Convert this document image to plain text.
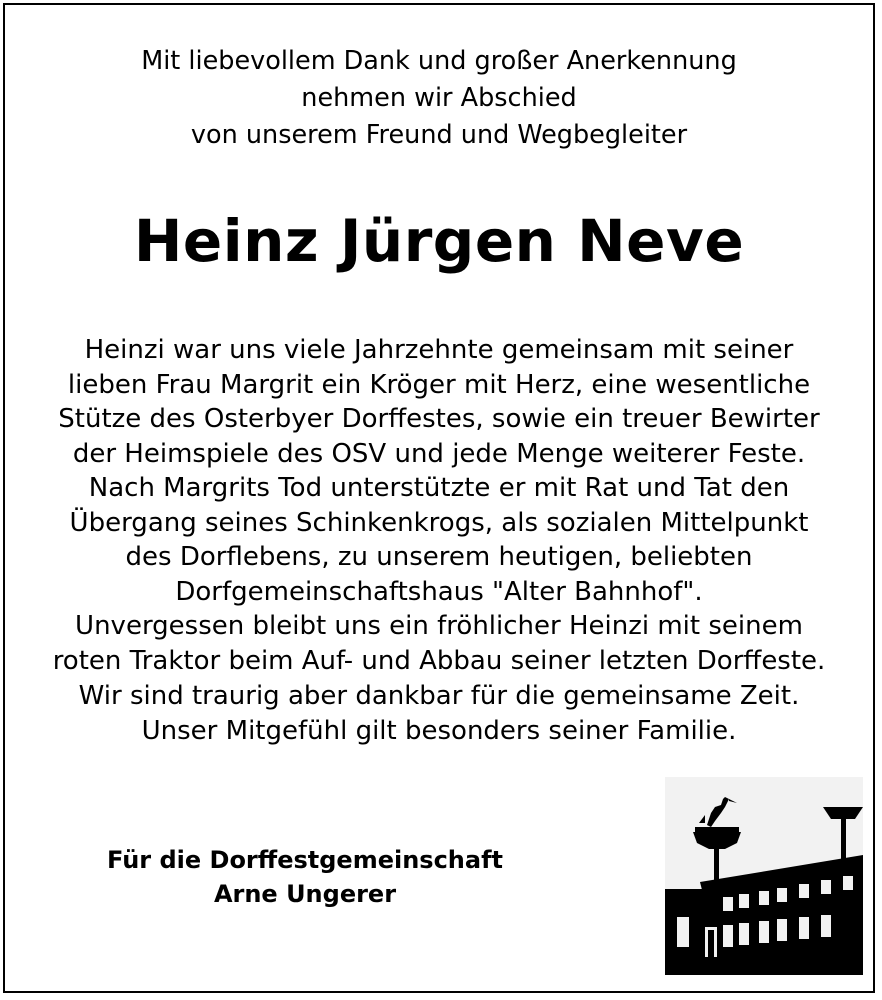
Mit liebevollem Dank und großer Anerkennung
nehmen wir Abschied
von unserem Freund und Wegbegleiter
Heinz Jürgen Neve
Heinzi war uns viele Jahrzehnte gemeinsam mit seiner
lieben Frau Margrit ein Kröger mit Herz, eine wesentliche
Stütze des Osterbyer Dorffestes, sowie ein treuer Bewirter
der Heimspiele des OSV und jede Menge weiterer Feste.
Nach Margrits Tod unterstützte er mit Rat und Tat den
Übergang seines Schinkenkrogs, als sozialen Mittelpunkt
des Dorflebens, zu unserem heutigen, beliebten
Dorfgemeinschaftshaus "Alter Bahnhof".
Unvergessen bleibt uns ein fröhlicher Heinzi mit seinem
roten Traktor beim Auf- und Abbau seiner letzten Dorffeste.
Wir sind traurig aber dankbar für die gemeinsame Zeit.
Unser Mitgefühl gilt besonders seiner Familie.
Für die Dorffestgemeinschaft
Arne Ungerer
